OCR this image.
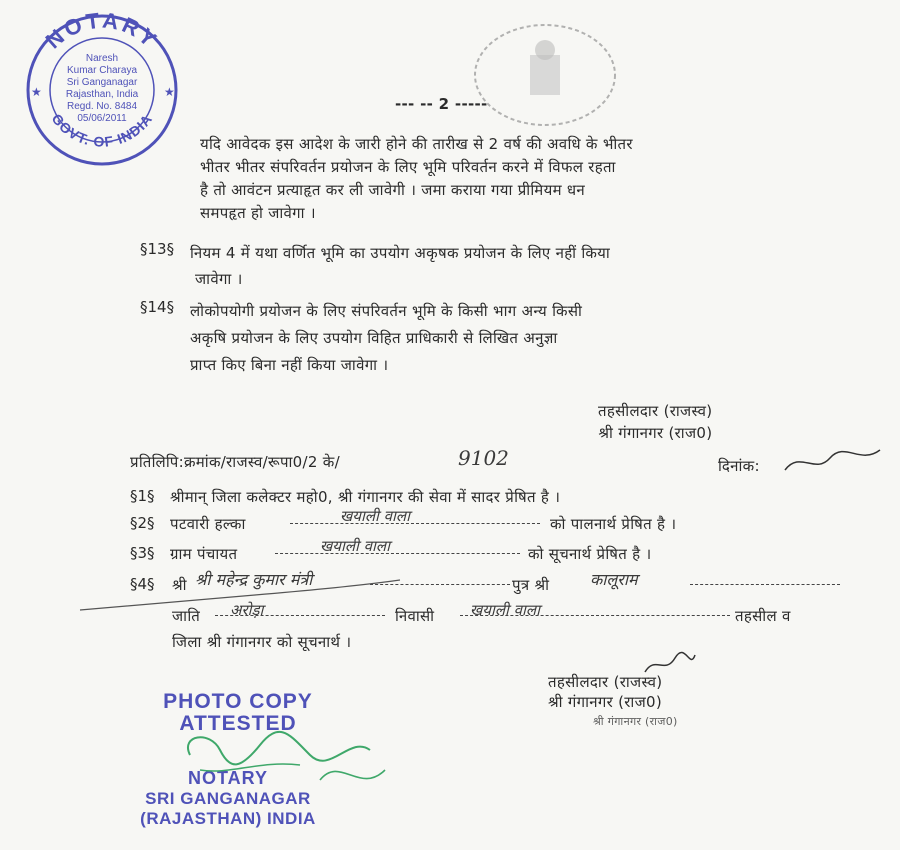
NOTARY
GOVT. OF INDIA
★	★
Naresh
Kumar Charaya
Sri Ganganagar
Rajasthan, India
Regd. No. 8484
05/06/2011
--- -- 2 -----
यदि आवेदक इस आदेश के जारी होने की तारीख से 2 वर्ष की अवधि के भीतर
भीतर भीतर संपरिवर्तन प्रयोजन के लिए भूमि परिवर्तन करने में विफल रहता
है तो आवंटन प्रत्याहृत कर ली जावेगी । जमा कराया गया प्रीमियम धन
समपहृत हो जावेगा ।
§13§ नियम 4 में यथा वर्णित भूमि का उपयोग अकृषक प्रयोजन के लिए नहीं किया
जावेगा ।
§14§ लोकोपयोगी प्रयोजन के लिए संपरिवर्तन भूमि के किसी भाग अन्य किसी
अकृषि प्रयोजन के लिए उपयोग विहित प्राधिकारी से लिखित अनुज्ञा
प्राप्त किए बिना नहीं किया जावेगा ।
तहसीलदार (राजस्व)
श्री गंगानगर (राज0)
प्रतिलिपि:क्रमांक/राजस्व/रूपा0/2 के/	9102	दिनांक:
§1§ श्रीमान् जिला कलेक्टर महो0, श्री गंगानगर की सेवा में सादर प्रेषित है ।
§2§ पटवारी हल्का	खयाली वाला	को पालनार्थ प्रेषित है ।
§3§ ग्राम पंचायत	खयाली वाला	को सूचनार्थ प्रेषित है ।
§4§ श्री श्री महेन्द्र कुमार मंत्री	पुत्र श्री	कालूराम
जाति अरोड़ा	निवासी खयाली वाला	तहसील व
जिला श्री गंगानगर को सूचनार्थ ।
तहसीलदार (राजस्व)
श्री गंगानगर (राज0)
श्री गंगानगर (राज0)
PHOTO COPY
ATTESTED
NOTARY
SRI GANGANAGAR
(RAJASTHAN) INDIA
